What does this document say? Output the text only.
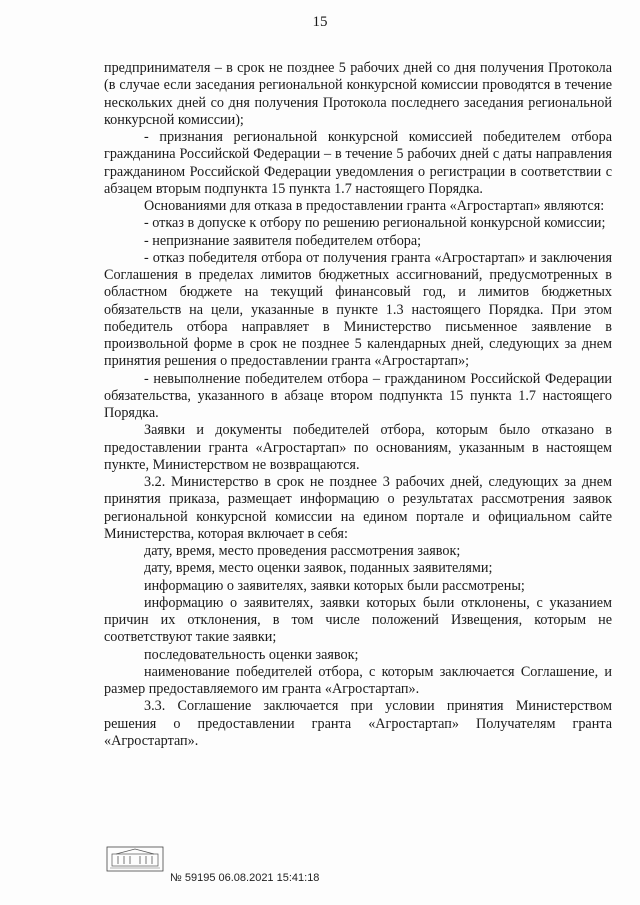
15

предпринимателя – в срок не позднее 5 рабочих дней со дня получения Протокола (в случае если заседания региональной конкурсной комиссии проводятся в течение нескольких дней со дня получения Протокола последнего заседания региональной конкурсной комиссии);

- признания региональной конкурсной комиссией победителем отбора гражданина Российской Федерации – в течение 5 рабочих дней с даты направления гражданином Российской Федерации уведомления о регистрации в соответствии с абзацем вторым подпункта 15 пункта 1.7 настоящего Порядка.

Основаниями для отказа в предоставлении гранта «Агростартап» являются:

- отказ в допуске к отбору по решению региональной конкурсной комиссии;

- непризнание заявителя победителем отбора;

- отказ победителя отбора от получения гранта «Агростартап» и заключения Соглашения в пределах лимитов бюджетных ассигнований, предусмотренных в областном бюджете на текущий финансовый год, и лимитов бюджетных обязательств на цели, указанные в пункте 1.3 настоящего Порядка. При этом победитель отбора направляет в Министерство письменное заявление в произвольной форме в срок не позднее 5 календарных дней, следующих за днем принятия решения о предоставлении гранта «Агростартап»;

- невыполнение победителем отбора – гражданином Российской Федерации обязательства, указанного в абзаце втором подпункта 15 пункта 1.7 настоящего Порядка.

Заявки и документы победителей отбора, которым было отказано в предоставлении гранта «Агростартап» по основаниям, указанным в настоящем пункте, Министерством не возвращаются.

3.2. Министерство в срок не позднее 3 рабочих дней, следующих за днем принятия приказа, размещает информацию о результатах рассмотрения заявок региональной конкурсной комиссии на едином портале и официальном сайте Министерства, которая включает в себя:

дату, время, место проведения рассмотрения заявок;

дату, время, место оценки заявок, поданных заявителями;

информацию о заявителях, заявки которых были рассмотрены;

информацию о заявителях, заявки которых были отклонены, с указанием причин их отклонения, в том числе положений Извещения, которым не соответствуют такие заявки;

последовательность оценки заявок;

наименование победителей отбора, с которым заключается Соглашение, и размер предоставляемого им гранта «Агростартап».

3.3. Соглашение заключается при условии принятия Министерством решения о предоставлении гранта «Агростартап» Получателям гранта «Агростартап».

№ 59195 06.08.2021 15:41:18
